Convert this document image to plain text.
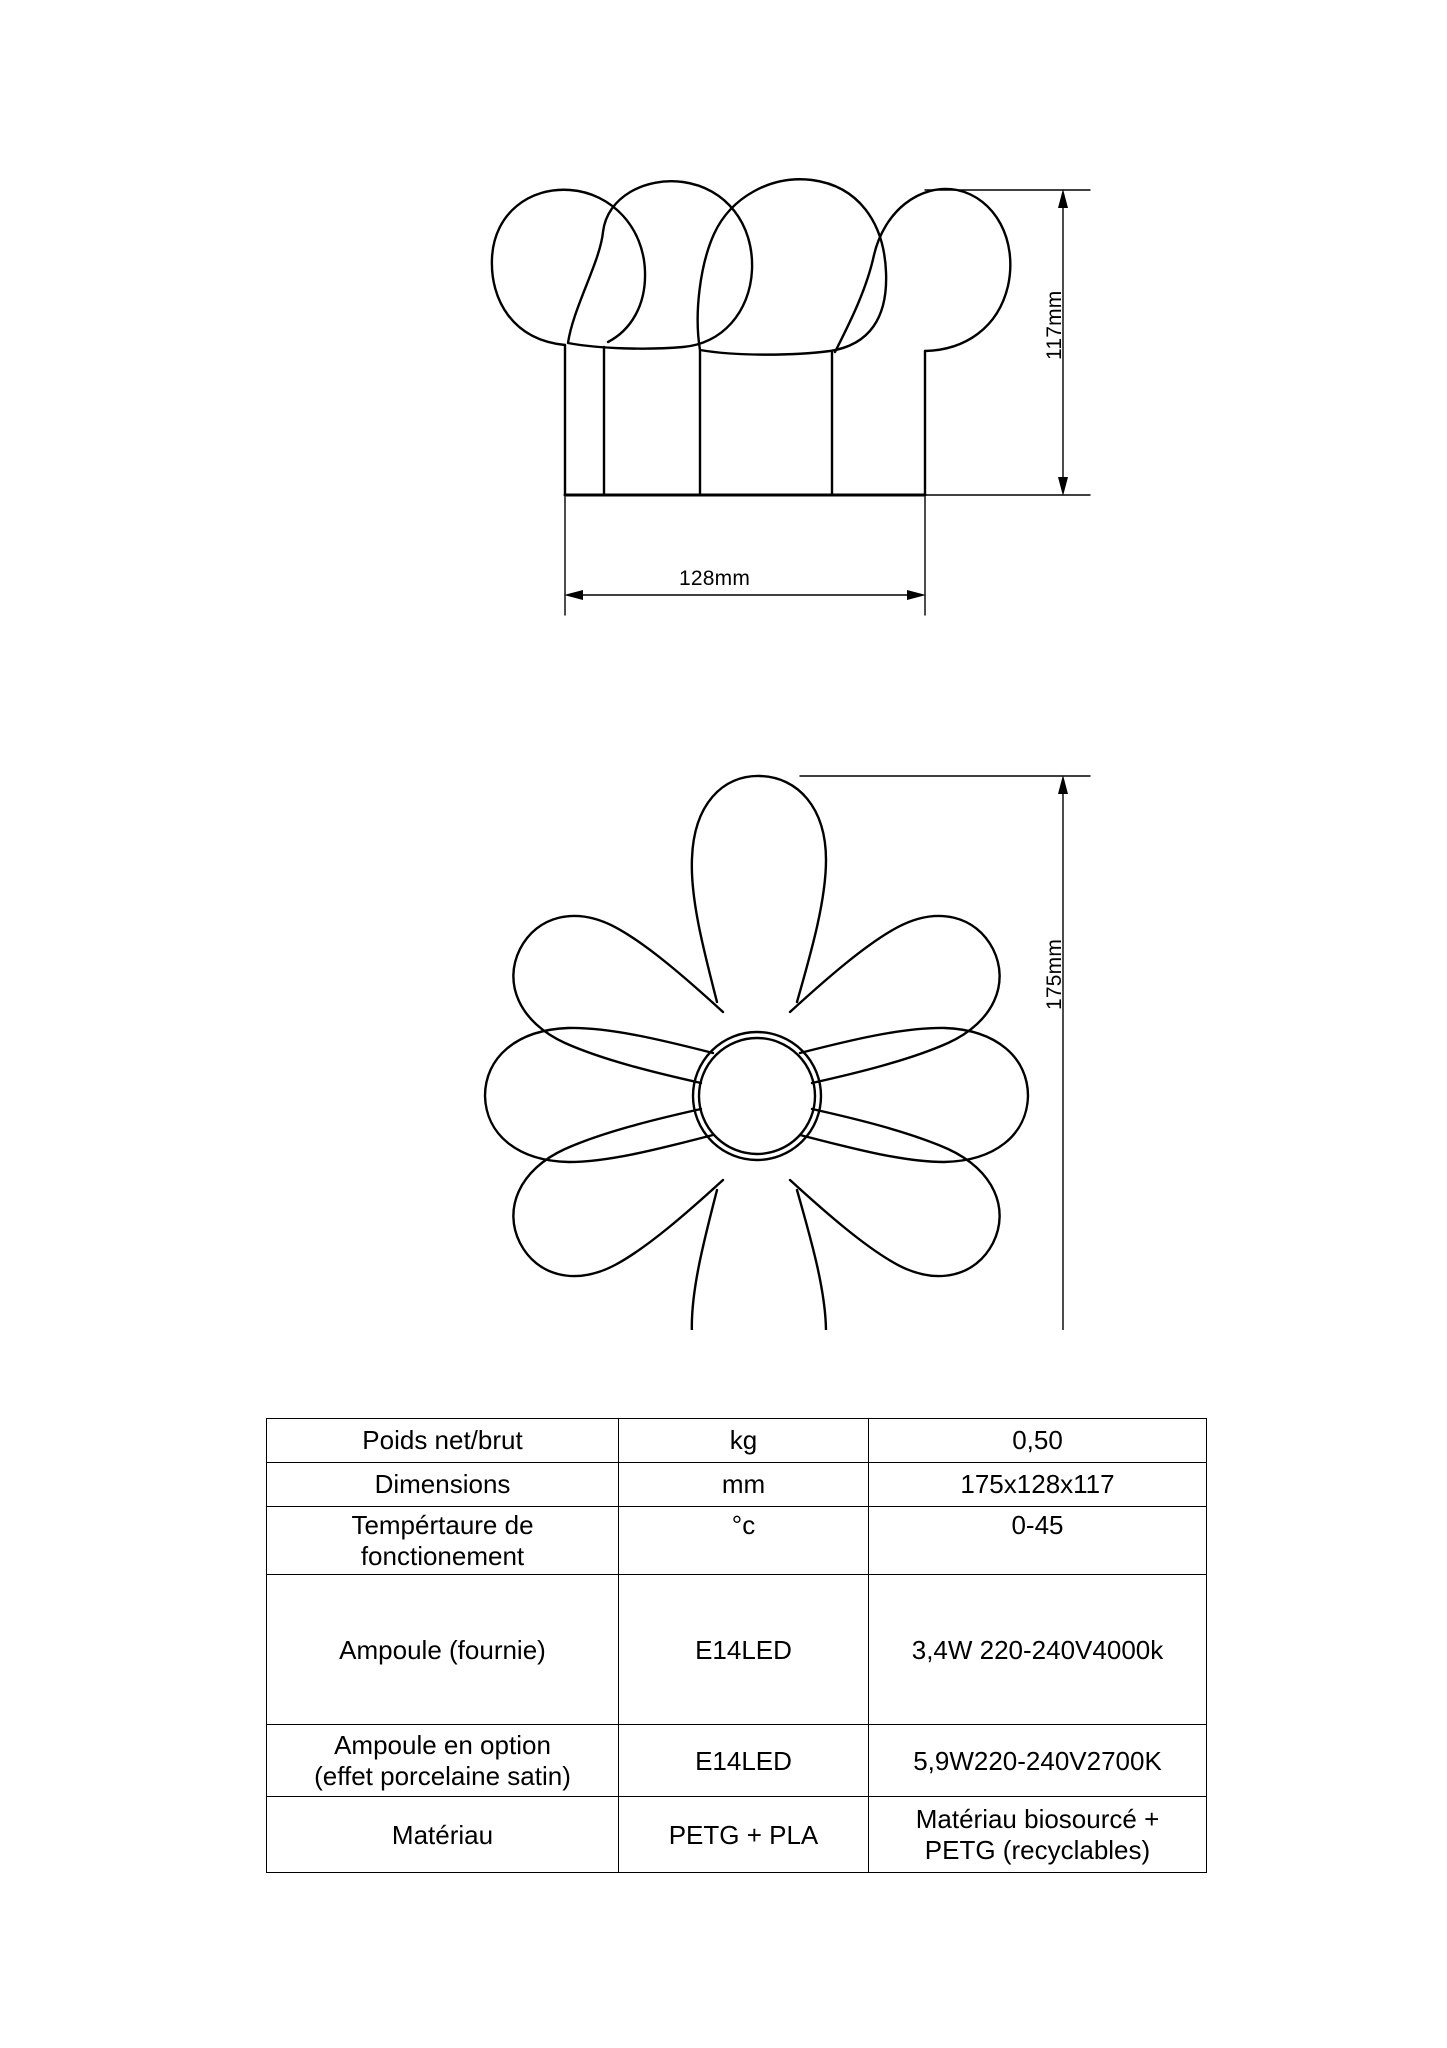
117mm
175mm
128mm
Poids net/brut	kg	0,50
Dimensions	mm	175x128x117

Tempértaure de
fonctionement	°c	0-45
Ampoule (fournie)	E14LED	3,4W 220-240V4000k

Ampoule en option
(effet porcelaine satin)	E14LED	5,9W220-240V2700K
Matériau	PETG + PLA	Matériau biosourcé +
PETG (recyclables)
